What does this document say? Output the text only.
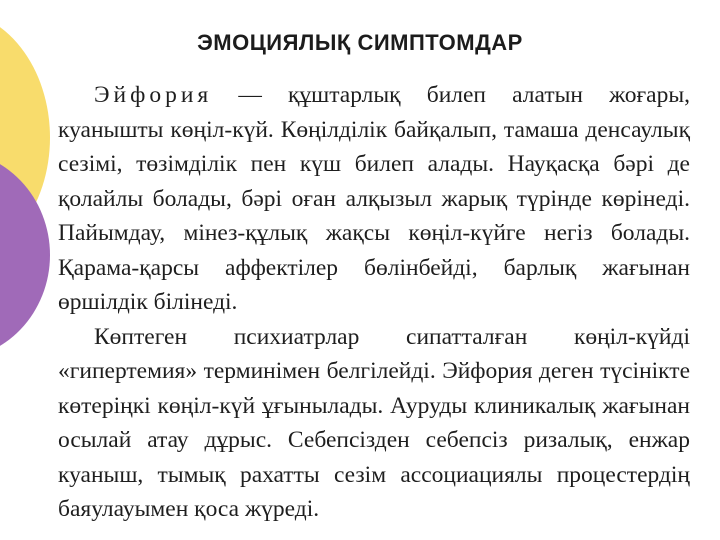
ЭМОЦИЯЛЫҚ СИМПТОМДАР

Эйфория — құштарлық билеп алатын жоғары, куанышты көңіл-күй. Көңілділік байқалып, тамаша денсаулық сезімі, төзімділік пен күш билеп алады. Науқасқа бәрі де қолайлы болады, бәрі оған алқызыл жарық түрінде көрінеді. Пайымдау, мінез-құлық жақсы көңіл-күйге негіз болады. Қарама-қарсы аффектілер бөлінбейді, барлық жағынан өршілдік білінеді.

Көптеген психиатрлар сипатталған көңіл-күйді «гипертемия» терминімен белгілейді. Эйфория деген түсінікте көтеріңкі көңіл-күй ұғынылады. Ауруды клиникалық жағынан осылай атау дұрыс. Себепсізден себепсіз ризалық, енжар куаныш, тымық рахатты сезім ассоциациялы процестердің баяулауымен қоса жүреді.
